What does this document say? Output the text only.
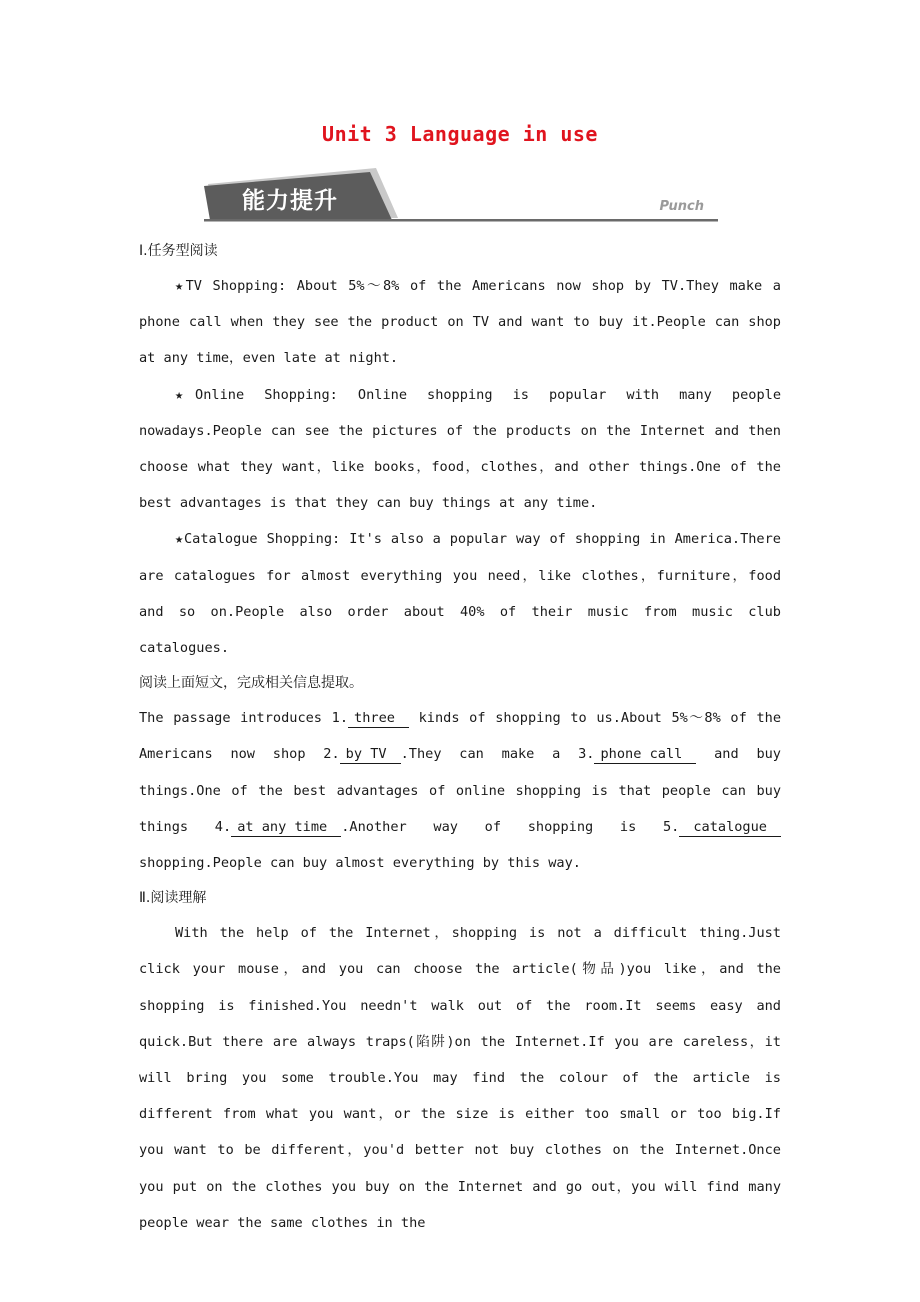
Unit 3 Language in use
能力提升	Punch

Ⅰ.任务型阅读

★TV Shopping: About 5%～8% of the Americans now shop by TV.They make a phone call when they see the product on TV and want to buy it.People can shop at any time，even late at night.

★Online Shopping: Online shopping is popular with many people nowadays.People can see the pictures of the products on the Internet and then choose what they want，like books，food，clothes，and other things.One of the best advantages is that they can buy things at any time.

★Catalogue Shopping: It's also a popular way of shopping in America.There are catalogues for almost everything you need，like clothes，furniture，food and so on.People also order about 40% of their music from music club catalogues.

阅读上面短文，完成相关信息提取。

The passage introduces 1. three kinds of shopping to us.About 5%～8% of the Americans now shop 2. by TV .They can make a 3. phone call and buy things.One of the best advantages of online shopping is that people can buy things 4. at any time .Another way of shopping is 5. catalogue shopping.People can buy almost everything by this way.

Ⅱ.阅读理解

With the help of the Internet，shopping is not a difficult thing.Just click your mouse，and you can choose the article(物品)you like，and the shopping is finished.You needn't walk out of the room.It seems easy and quick.But there are always traps(陷阱)on the Internet.If you are careless，it will bring you some trouble.You may find the colour of the article is different from what you want，or the size is either too small or too big.If you want to be different，you'd better not buy clothes on the Internet.Once you put on the clothes you buy on the Internet and go out，you will find many people wear the same clothes in the
